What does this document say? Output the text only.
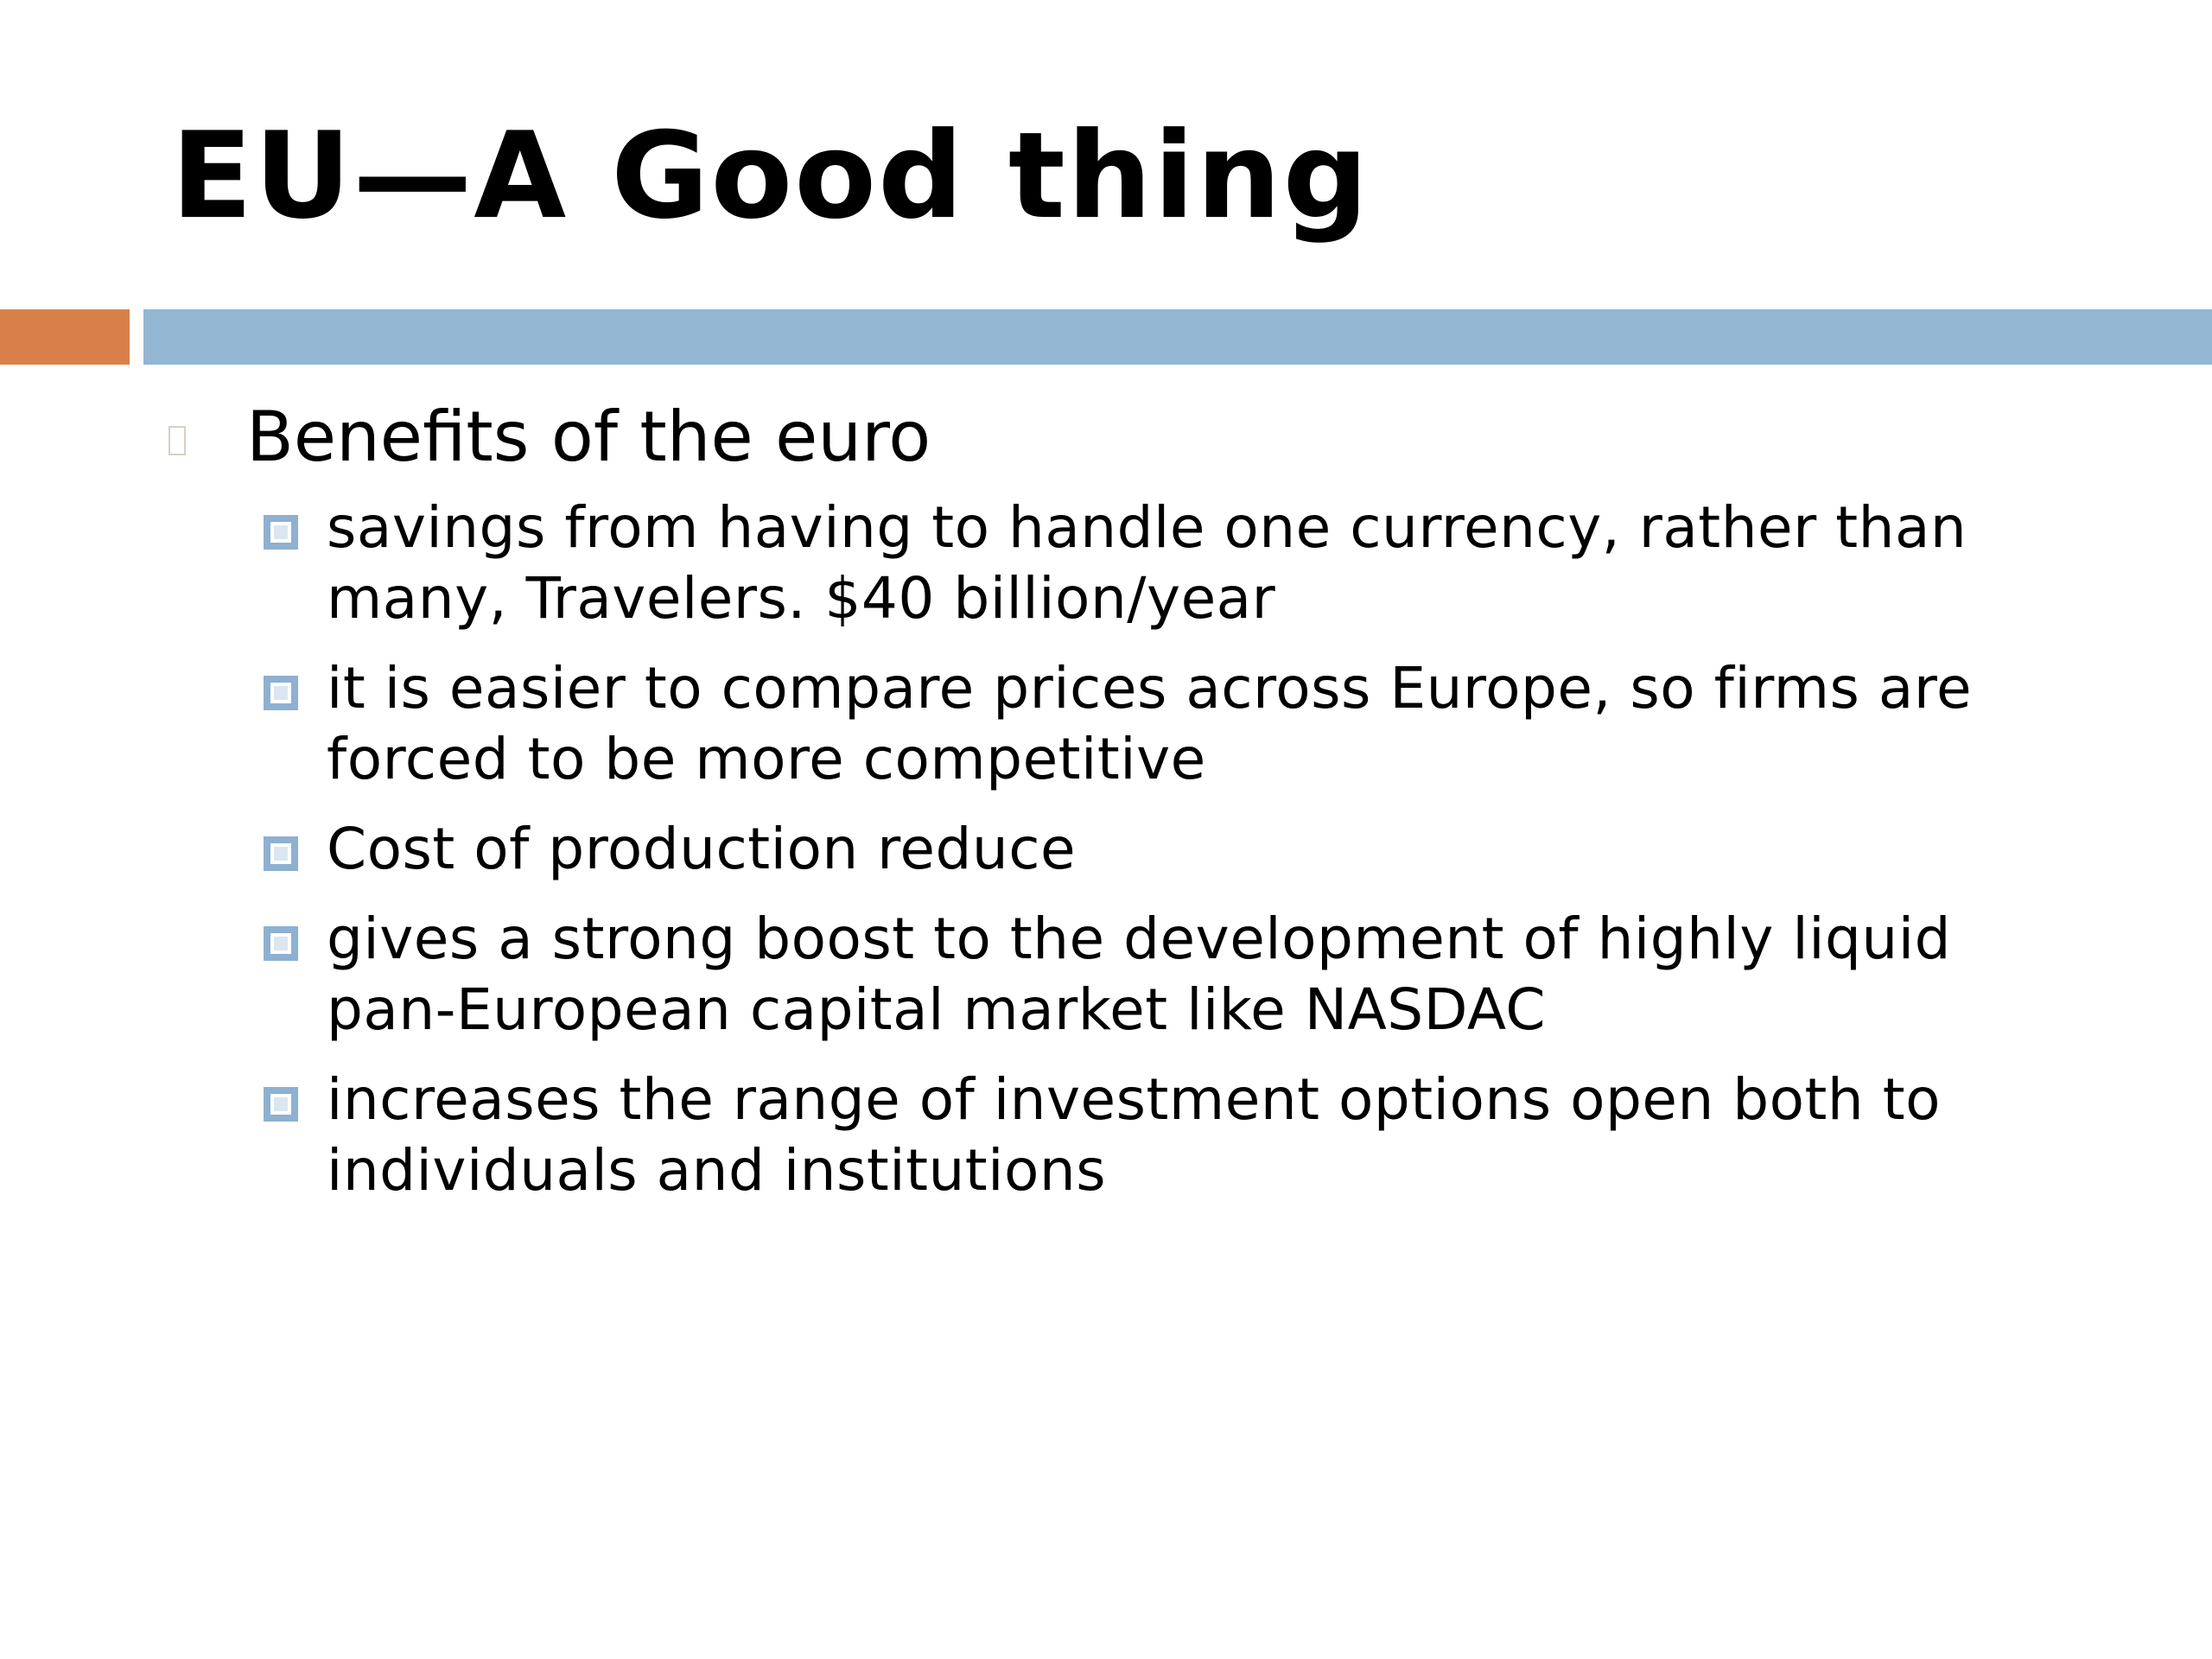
EU—A Good thing
Benefits of the euro
savings from having to handle one currency, rather than many, Travelers. $40 billion/year
it is easier to compare prices across Europe, so firms are forced to be more competitive
Cost of production reduce
gives a strong boost to the development of highly liquid pan-European capital market like NASDAC
increases the range of investment options open both to individuals and institutions
